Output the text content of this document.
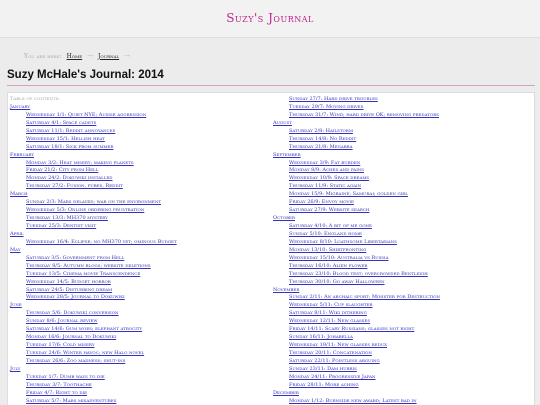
Suzy's Journal
You are here: Home → Journal →
Suzy McHale's Journal: 2014
Table of contents:
January
Wednesday 1/1: Quiet NYE; Aussie aggression
Saturday 4/1: Space cadets
Saturday 11/1: Reddit annoyances
Wednesday 15/1: Hellish heat
Saturday 18/1: Sick from summer
February
Monday 3/2: Heat misery; making planets
Friday 21/2: City from Hell
Monday 24/2: Dokuwiki installed
Thursday 27/2: Fusion, pubes, Reddit
March
Sunday 2/3: Mars delayed; war on the environment
Wednesday 5/3: Online ordering frustration
Thursday 13/3: MH370 mystery
Tuesday 25/3: Dentist visit
April
Wednesday 16/4: Eclipse; no MH370 yet; ominous Budget
May
Saturday 3/5: Government from Hell
Thursday 8/5: Autumn blogs; website deletions
Tuesday 13/5: Cinema movie Transcendence
Wednesday 14/5: Budget horror
Saturday 24/5: Disturbing dream
Wednesday 28/5: Journal to Dokuwiki
June
Thursday 5/6: Dokuwiki conversion
Sunday 8/6: Journal review
Saturday 14/6: Gum woes; elephant atrocity
Monday 16/6: Journal to Dokuwiki
Tuesday 17/6: Cold misery
Tuesday 24/6: Winter havoc; new Halo novel
Thursday 26/6: Zoo madness; shut-ins
July
Tuesday 1/7: Dumb ways to die
Thursday 3/7: Toothache
Friday 4/7: Right to die
Saturday 5/7: Mars misadventures
Sunday 27/7: Hard drive troubles
Tuesday 29/7: Moving drives
Thursday 31/7: Wind; hard drive OK; removing predators
August
Saturday 2/8: Hailstorm
Thursday 14/8: No Reddit
Thursday 21/8: Megabra
September
Wednesday 3/9: Fat burden
Monday 8/9: Aches and pains
Wednesday 10/9: Space dreams
Thursday 11/9: Static again
Monday 15/9: Migraine; Samurai; golden girl
Friday 26/9: Envoy movie
Saturday 27/9: Website search
October
Saturday 4/10: A bit of me gone
Sunday 5/10: England home
Wednesday 8/10: Loathsome Libertarians
Monday 13/10: Shirtfronting
Wednesday 15/10: Australia vs Russia
Thursday 16/10: Alien flower
Thursday 23/10: Blood test; overcrowded Bentleigh
Thursday 30/10: Go away Halloween
November
Sunday 2/11: An archaic sport; Minister for Destruction
Wednesday 5/11: Cup slaughter
Saturday 8/11: Wiki dithering
Wednesday 12/11: New glasses
Friday 14/11: Scary Russians; glasses not right
Sunday 16/11: Johabella
Wednesday 19/11: New glasses redux
Thursday 20/11: Concatenation
Saturday 22/11: Pointless arguing
Sunday 23/11: Dam hubris
Monday 24/11: Progressive Japan
Friday 28/11: More aching
December
Monday 1/12: Burnside new award; Latest bad in
